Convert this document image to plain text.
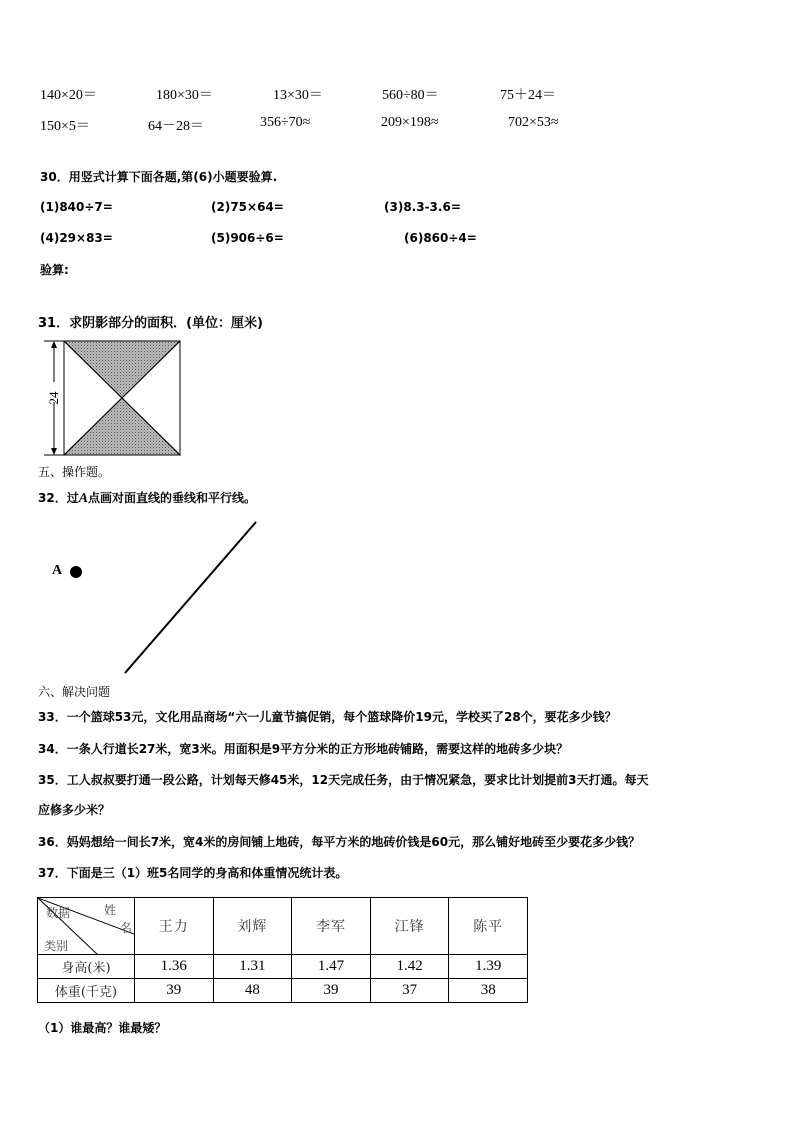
140×20＝	180×30＝	13×30＝	560÷80＝	75＋24＝
150×5＝	64－28＝	356÷70≈	209×198≈	702×53≈
30．用竖式计算下面各题,第(6)小题要验算.
(1)840÷7=	(2)75×64=	(3)8.3-3.6=
(4)29×83=	(5)906÷6=	(6)860÷4=
验算:
31．求阴影部分的面积．(单位：厘米)
24
五、操作题。
32．过A点画对面直线的垂线和平行线。
A
六、解决问题
33．一个篮球53元，文化用品商场“六一儿童节搞促销，每个篮球降价19元，学校买了28个，要花多少钱？
34．一条人行道长27米，宽3米。用面积是9平方分米的正方形地砖铺路，需要这样的地砖多少块？
35．工人叔叔要打通一段公路，计划每天修45米，12天完成任务，由于情况紧急，要求比计划提前3天打通。每天
应修多少米？
36．妈妈想给一间长7米，宽4米的房间铺上地砖，每平方米的地砖价钱是60元，那么铺好地砖至少要花多少钱？
37．下面是三（1）班5名同学的身高和体重情况统计表。
数据 姓
名
类别	王力	刘辉	李军	江锋	陈平
身高(米)	1.36	1.31	1.47	1.42	1.39
体重(千克)	39	48	39	37	38
（1）谁最高？谁最矮？
